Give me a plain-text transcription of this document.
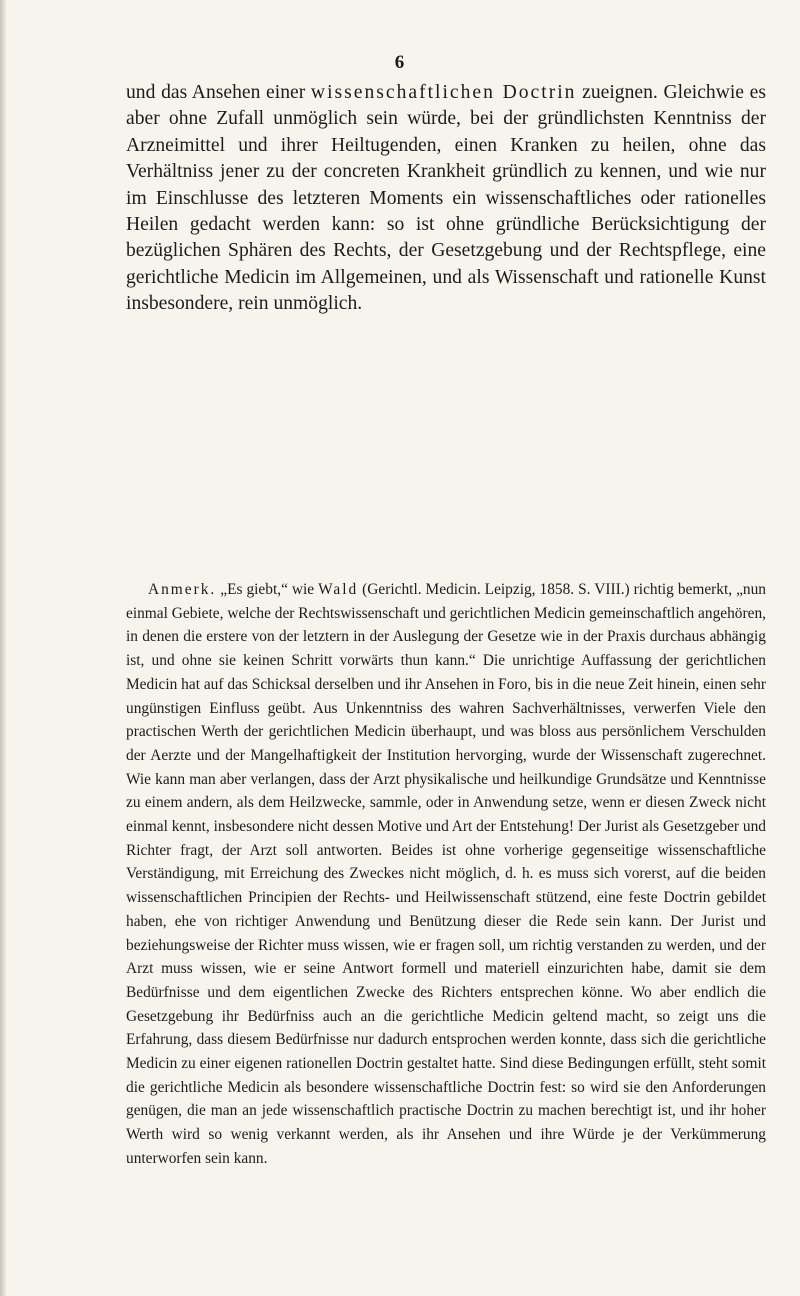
6

und das Ansehen einer wissenschaftlichen Doctrin zueignen. Gleichwie es aber ohne Zufall unmöglich sein würde, bei der gründlichsten Kenntniss der Arzneimittel und ihrer Heiltugenden, einen Kranken zu heilen, ohne das Verhältniss jener zu der concreten Krankheit gründlich zu kennen, und wie nur im Einschlusse des letzteren Moments ein wissenschaftliches oder rationelles Heilen gedacht werden kann: so ist ohne gründliche Berücksichtigung der bezüglichen Sphären des Rechts, der Gesetzgebung und der Rechtspflege, eine gerichtliche Medicin im Allgemeinen, und als Wissenschaft und rationelle Kunst insbesondere, rein unmöglich.

Anmerk. „Es giebt,“ wie Wald (Gerichtl. Medicin. Leipzig, 1858. S. VIII.) richtig bemerkt, „nun einmal Gebiete, welche der Rechtswissenschaft und gerichtlichen Medicin gemeinschaftlich angehören, in denen die erstere von der letztern in der Auslegung der Gesetze wie in der Praxis durchaus abhängig ist, und ohne sie keinen Schritt vorwärts thun kann.“ Die unrichtige Auffassung der gerichtlichen Medicin hat auf das Schicksal derselben und ihr Ansehen in Foro, bis in die neue Zeit hinein, einen sehr ungünstigen Einfluss geübt. Aus Unkenntniss des wahren Sachverhältnisses, verwerfen Viele den practischen Werth der gerichtlichen Medicin überhaupt, und was bloss aus persönlichem Verschulden der Aerzte und der Mangelhaftigkeit der Institution hervorging, wurde der Wissenschaft zugerechnet. Wie kann man aber verlangen, dass der Arzt physikalische und heilkundige Grundsätze und Kenntnisse zu einem andern, als dem Heilzwecke, sammle, oder in Anwendung setze, wenn er diesen Zweck nicht einmal kennt, insbesondere nicht dessen Motive und Art der Entstehung! Der Jurist als Gesetzgeber und Richter fragt, der Arzt soll antworten. Beides ist ohne vorherige gegenseitige wissenschaftliche Verständigung, mit Erreichung des Zweckes nicht möglich, d. h. es muss sich vorerst, auf die beiden wissenschaftlichen Principien der Rechts- und Heilwissenschaft stützend, eine feste Doctrin gebildet haben, ehe von richtiger Anwendung und Benützung dieser die Rede sein kann. Der Jurist und beziehungsweise der Richter muss wissen, wie er fragen soll, um richtig verstanden zu werden, und der Arzt muss wissen, wie er seine Antwort formell und materiell einzurichten habe, damit sie dem Bedürfnisse und dem eigentlichen Zwecke des Richters entsprechen könne. Wo aber endlich die Gesetzgebung ihr Bedürfniss auch an die gerichtliche Medicin geltend macht, so zeigt uns die Erfahrung, dass diesem Bedürfnisse nur dadurch entsprochen werden konnte, dass sich die gerichtliche Medicin zu einer eigenen rationellen Doctrin gestaltet hatte. Sind diese Bedingungen erfüllt, steht somit die gerichtliche Medicin als besondere wissenschaftliche Doctrin fest: so wird sie den Anforderungen genügen, die man an jede wissenschaftlich practische Doctrin zu machen berechtigt ist, und ihr hoher Werth wird so wenig verkannt werden, als ihr Ansehen und ihre Würde je der Verkümmerung unterworfen sein kann.
